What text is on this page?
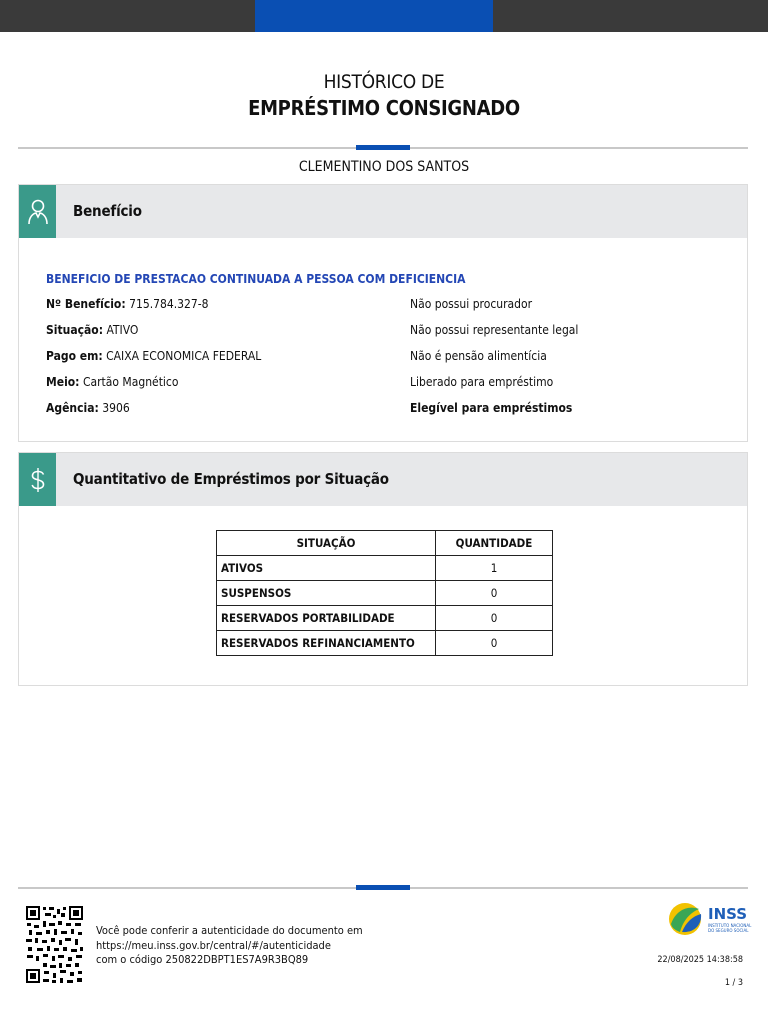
HISTÓRICO DE
EMPRÉSTIMO CONSIGNADO
CLEMENTINO DOS SANTOS
Benefício
BENEFICIO DE PRESTACAO CONTINUADA A PESSOA COM DEFICIENCIA
Nº Benefício: 715.784.327-8
Situação: ATIVO
Pago em: CAIXA ECONOMICA FEDERAL
Meio: Cartão Magnético
Agência: 3906
Não possui procurador
Não possui representante legal
Não é pensão alimentícia
Liberado para empréstimo
Elegível para empréstimos
Quantitativo de Empréstimos por Situação
SITUAÇÃO	QUANTIDADE
ATIVOS	1
SUSPENSOS	0
RESERVADOS PORTABILIDADE	0
RESERVADOS REFINANCIAMENTO	0
Você pode conferir a autenticidade do documento em
https://meu.inss.gov.br/central/#/autenticidade
com o código 250822DBPT1ES7A9R3BQ89
INSS
INSTITUTO NACIONAL
DO SEGURO SOCIAL
22/08/2025 14:38:58
1 / 3
